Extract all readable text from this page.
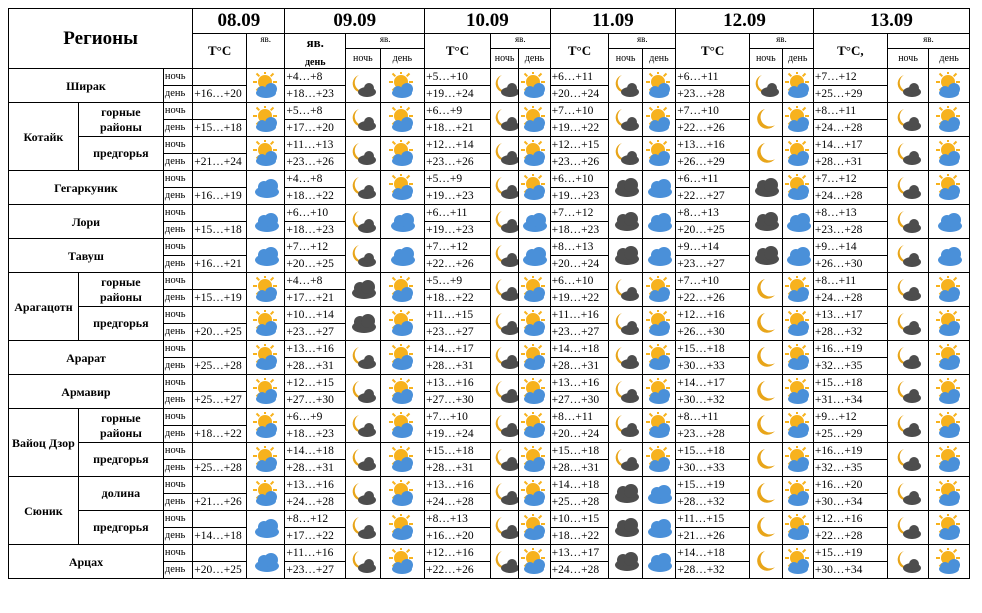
Регионы			08.09		09.09			10.09			11.09			12.09			13.09		
			T°C	яв.	яв.

день	яв.		T°C	яв.		T°C	яв.		T°C	яв.		T°C,	яв.	
						ночь	день		ночь	день		ночь	день		ночь	день		ночь	день
Ширак		ночь			+4…+8			+5…+10			+6…+11			+6…+11			+7…+12	

		день	+16…+20		+18…+23			+19…+24			+20…+24			+23…+28			+25…+29		
Котайк	горные районы	ночь			+5…+8			+6…+9			+7…+10			+7…+10			+8…+11	

		день	+15…+18		+17…+20			+18…+21			+19…+22			+22…+26			+24…+28		
	предгорья	ночь			+11…+13			+12…+14			+12…+15			+13…+16			+14…+17	

		день	+21…+24		+23…+26			+23…+26			+23…+26			+26…+29			+28…+31		
Гегаркуник		ночь			+4…+8			+5…+9			+6…+10			+6…+11			+7…+12	

		день	+16…+19		+18…+22			+19…+23			+19…+23			+22…+27			+24…+28		
Лори		ночь			+6…+10			+6…+11			+7…+12			+8…+13			+8…+13	

		день	+15…+18		+18…+23			+19…+23			+18…+23			+20…+25			+23…+28		
Тавуш		ночь			+7…+12			+7…+12			+8…+13			+9…+14			+9…+14	

		день	+16…+21		+20…+25			+22…+26			+20…+24			+23…+27			+26…+30		
Арагацотн	горные районы	ночь			+4…+8			+5…+9			+6…+10			+7…+10			+8…+11	

		день	+15…+19		+17…+21			+18…+22			+19…+22			+22…+26			+24…+28		
	предгорья	ночь			+10…+14			+11…+15			+11…+16			+12…+16			+13…+17	

		день	+20…+25		+23…+27			+23…+27			+23…+27			+26…+30			+28…+32		
Арарат		ночь			+13…+16			+14…+17			+14…+18			+15…+18			+16…+19	

		день	+25…+28		+28…+31			+28…+31			+28…+31			+30…+33			+32…+35		
Армавир		ночь			+12…+15			+13…+16			+13…+16			+14…+17			+15…+18	

		день	+25…+27		+27…+30			+27…+30			+27…+30			+30…+32			+31…+34		
Вайоц Дзор	горные районы	ночь			+6…+9			+7…+10			+8…+11			+8…+11			+9…+12	

		день	+18…+22		+18…+23			+19…+24			+20…+24			+23…+28			+25…+29		
	предгорья	ночь			+14…+18			+15…+18			+15…+18			+15…+18			+16…+19	

		день	+25…+28		+28…+31			+28…+31			+28…+31			+30…+33			+32…+35		
Сюник	долина	ночь			+13…+16			+13…+16			+14…+18			+15…+19			+16…+20	

		день	+21…+26		+24…+28			+24…+28			+25…+28			+28…+32			+30…+34		
	предгорья	ночь			+8…+12			+8…+13			+10…+15			+11…+15			+12…+16	

		день	+14…+18		+17…+22			+16…+20			+18…+22			+21…+26			+22…+28		
Арцах		ночь			+11…+16			+12…+16			+13…+17			+14…+18			+15…+19	

		день	+20…+25		+23…+27			+22…+26			+24…+28			+28…+32			+30…+34		
